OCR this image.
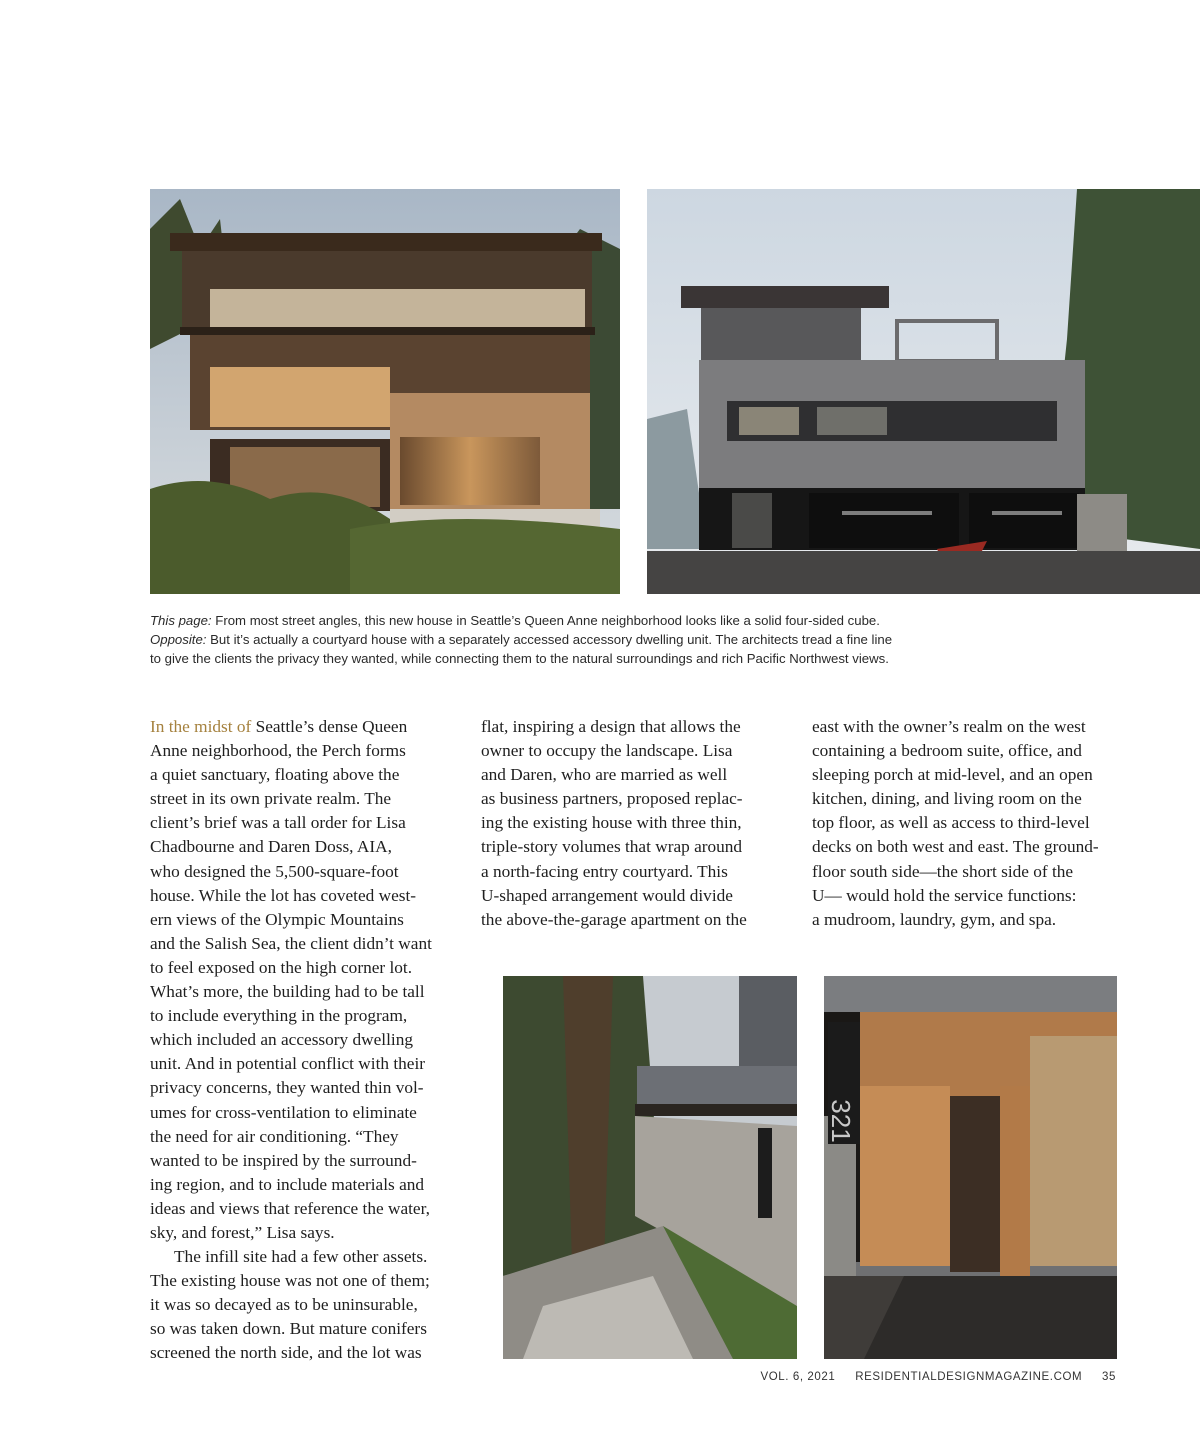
321

This page: From most street angles, this new house in Seattle’s Queen Anne neighborhood looks like a solid four-sided cube.

Opposite: But it’s actually a courtyard house with a separately accessed accessory dwelling unit. The architects tread a fine line

to give the clients the privacy they wanted, while connecting them to the natural surroundings and rich Pacific Northwest views.

In the midst of Seattle’s dense Queen
Anne neighborhood, the Perch forms
a quiet sanctuary, floating above the
street in its own private realm. The
client’s brief was a tall order for Lisa
Chadbourne and Daren Doss, AIA,
who designed the 5,500-square-foot
house. While the lot has coveted west-
ern views of the Olympic Mountains
and the Salish Sea, the client didn’t want
to feel exposed on the high corner lot.
What’s more, the building had to be tall
to include everything in the program,
which included an accessory dwelling
unit. And in potential conflict with their
privacy concerns, they wanted thin vol-
umes for cross-ventilation to eliminate
the need for air conditioning. “They
wanted to be inspired by the surround-
ing region, and to include materials and
ideas and views that reference the water,
sky, and forest,” Lisa says.

The infill site had a few other assets.
The existing house was not one of them;
it was so decayed as to be uninsurable,
so was taken down. But mature conifers
screened the north side, and the lot was

flat, inspiring a design that allows the
owner to occupy the landscape. Lisa
and Daren, who are married as well
as business partners, proposed replac-
ing the existing house with three thin,
triple-story volumes that wrap around
a north-facing entry courtyard. This
U-shaped arrangement would divide
the above-the-garage apartment on the

east with the owner’s realm on the west
containing a bedroom suite, office, and
sleeping porch at mid-level, and an open
kitchen, dining, and living room on the
top floor, as well as access to third-level
decks on both west and east. The ground-
floor south side—the short side of the
U— would hold the service functions:
a mudroom, laundry, gym, and spa.

VOL. 6, 2021 RESIDENTIALDESIGNMAGAZINE.COM 35
